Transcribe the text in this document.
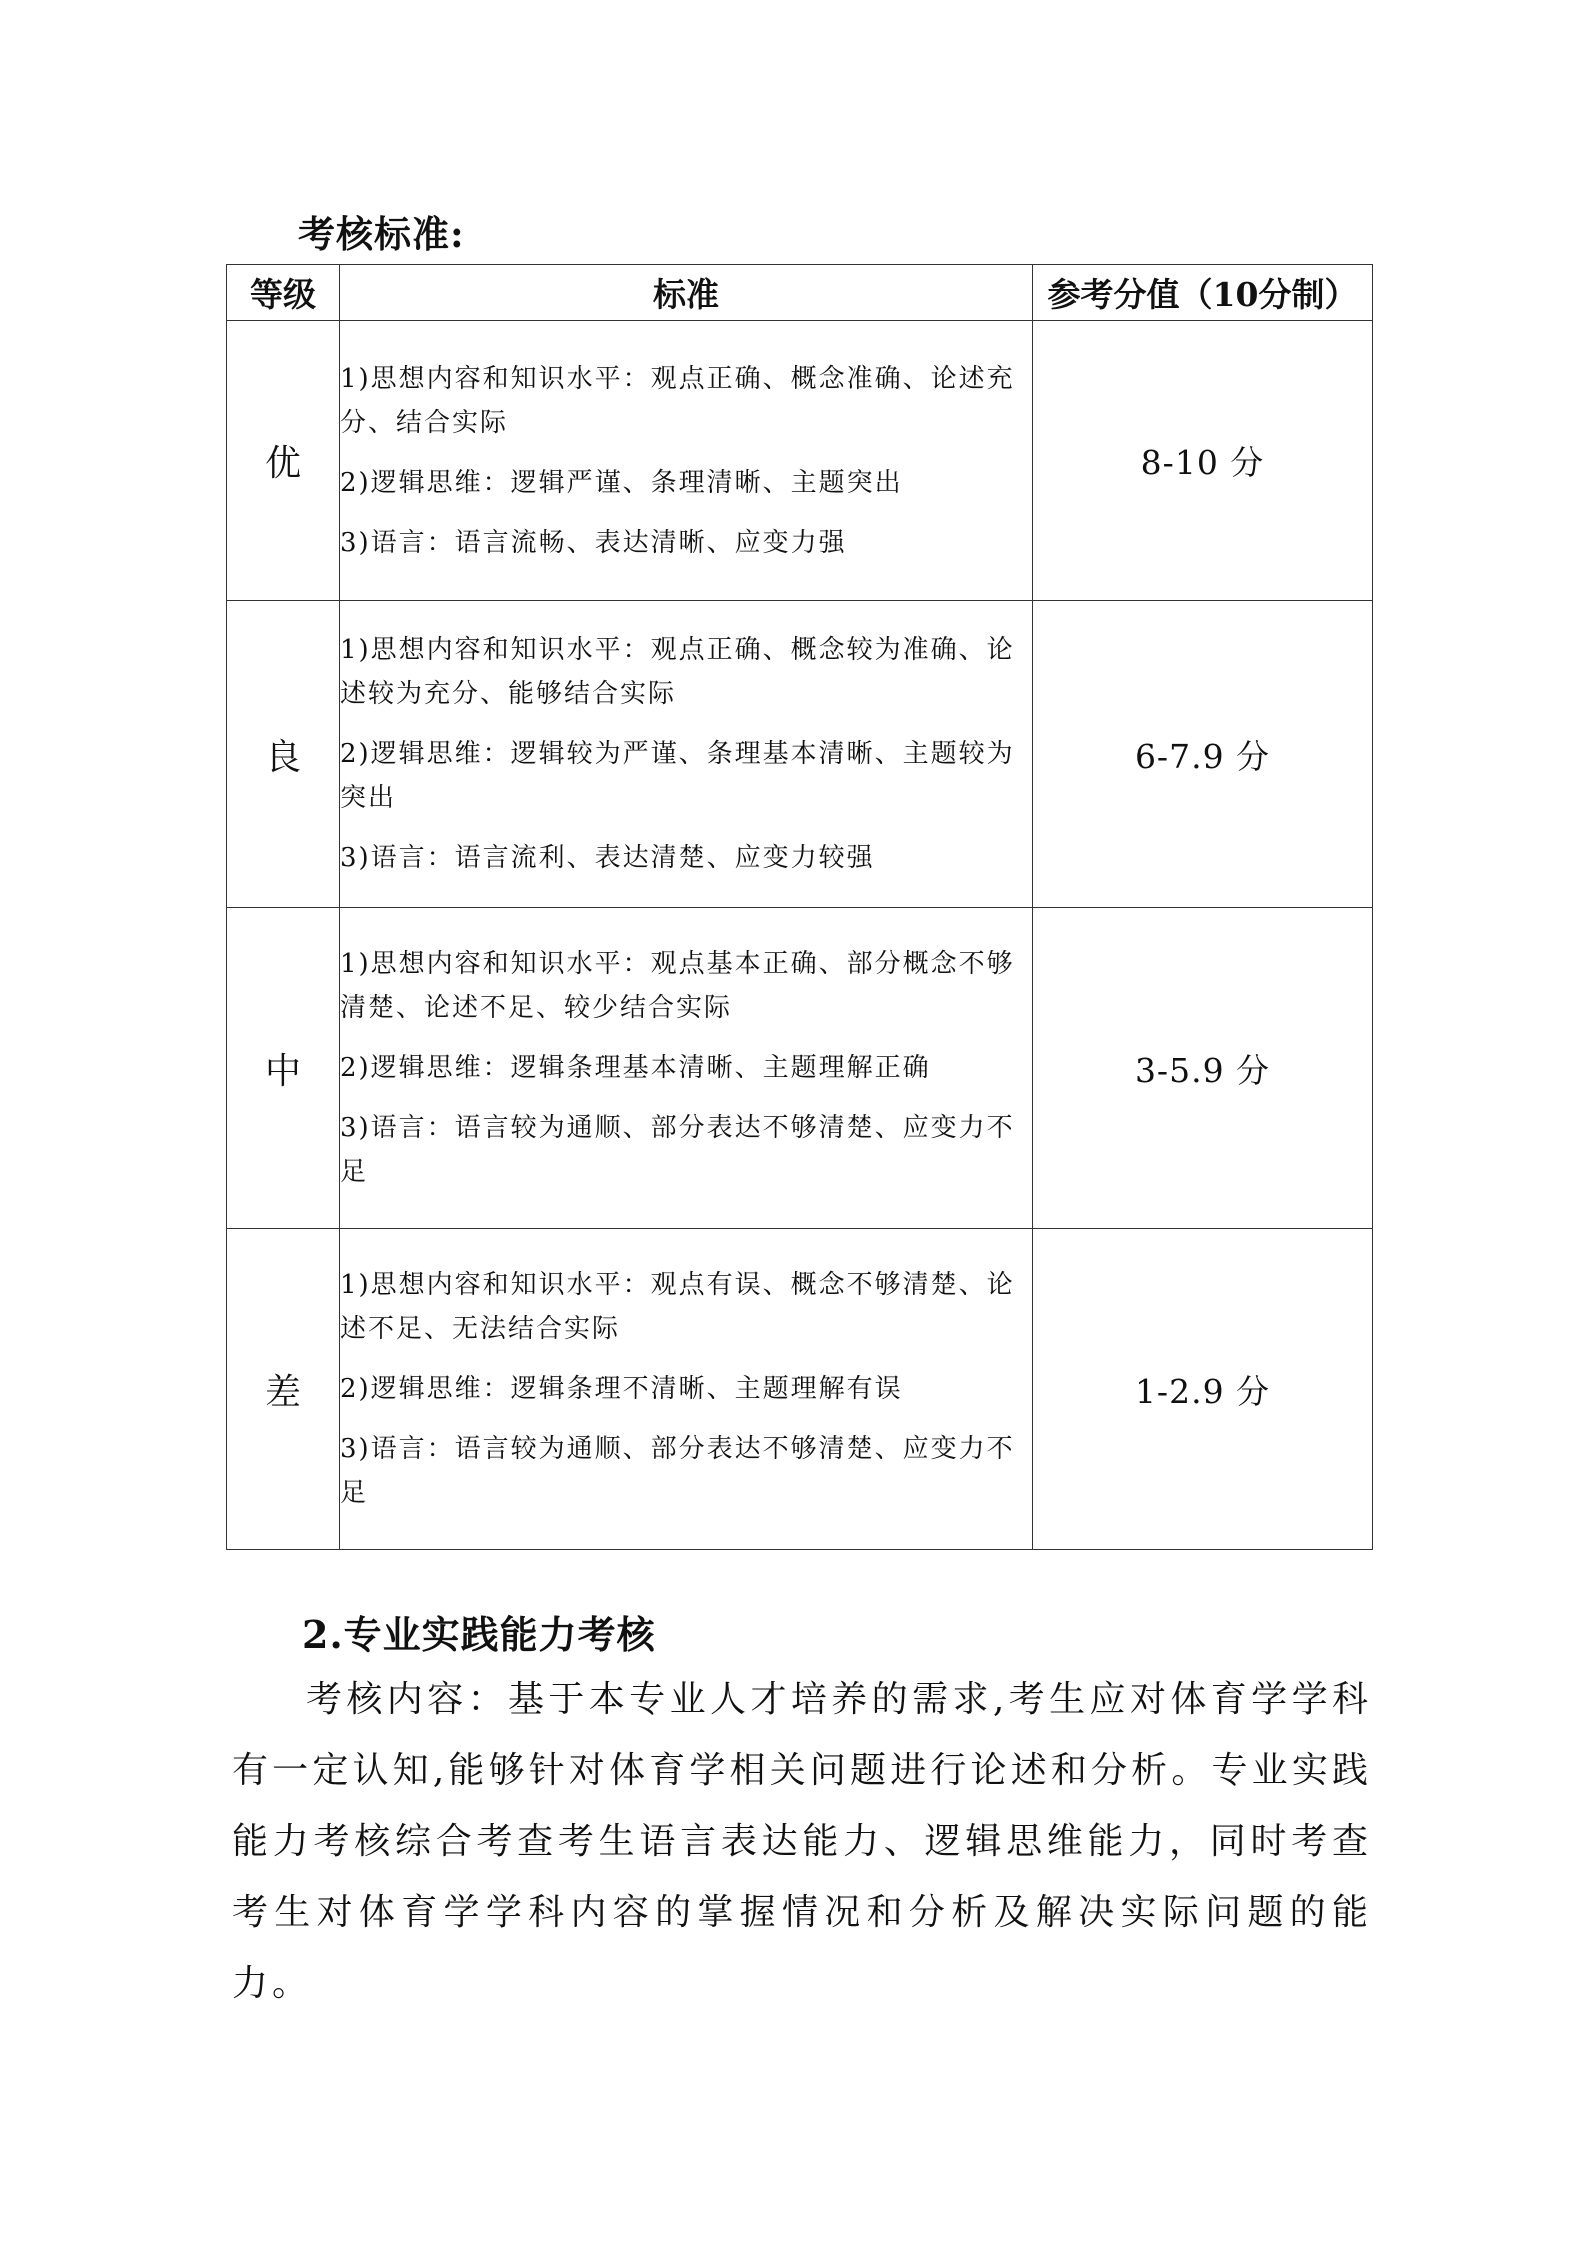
考核标准:
等级	标准	参考分值（10分制）
优	1)思想内容和知识水平：观点正确、概念准确、论述充分、结合实际

2)逻辑思维：逻辑严谨、条理清晰、主题突出

3)语言：语言流畅、表达清晰、应变力强	8-10 分
良	1)思想内容和知识水平：观点正确、概念较为准确、论述较为充分、能够结合实际

2)逻辑思维：逻辑较为严谨、条理基本清晰、主题较为突出

3)语言：语言流利、表达清楚、应变力较强	6-7.9 分
中	1)思想内容和知识水平：观点基本正确、部分概念不够清楚、论述不足、较少结合实际

2)逻辑思维：逻辑条理基本清晰、主题理解正确

3)语言：语言较为通顺、部分表达不够清楚、应变力不足	3-5.9 分
差	1)思想内容和知识水平：观点有误、概念不够清楚、论述不足、无法结合实际

2)逻辑思维：逻辑条理不清晰、主题理解有误

3)语言：语言较为通顺、部分表达不够清楚、应变力不足	1-2.9 分
2.专业实践能力考核

考核内容：基于本专业人才培养的需求,考生应对体育学学科有一定认知,能够针对体育学相关问题进行论述和分析。专业实践能力考核综合考查考生语言表达能力、逻辑思维能力，同时考查考生对体育学学科内容的掌握情况和分析及解决实际问题的能力。
